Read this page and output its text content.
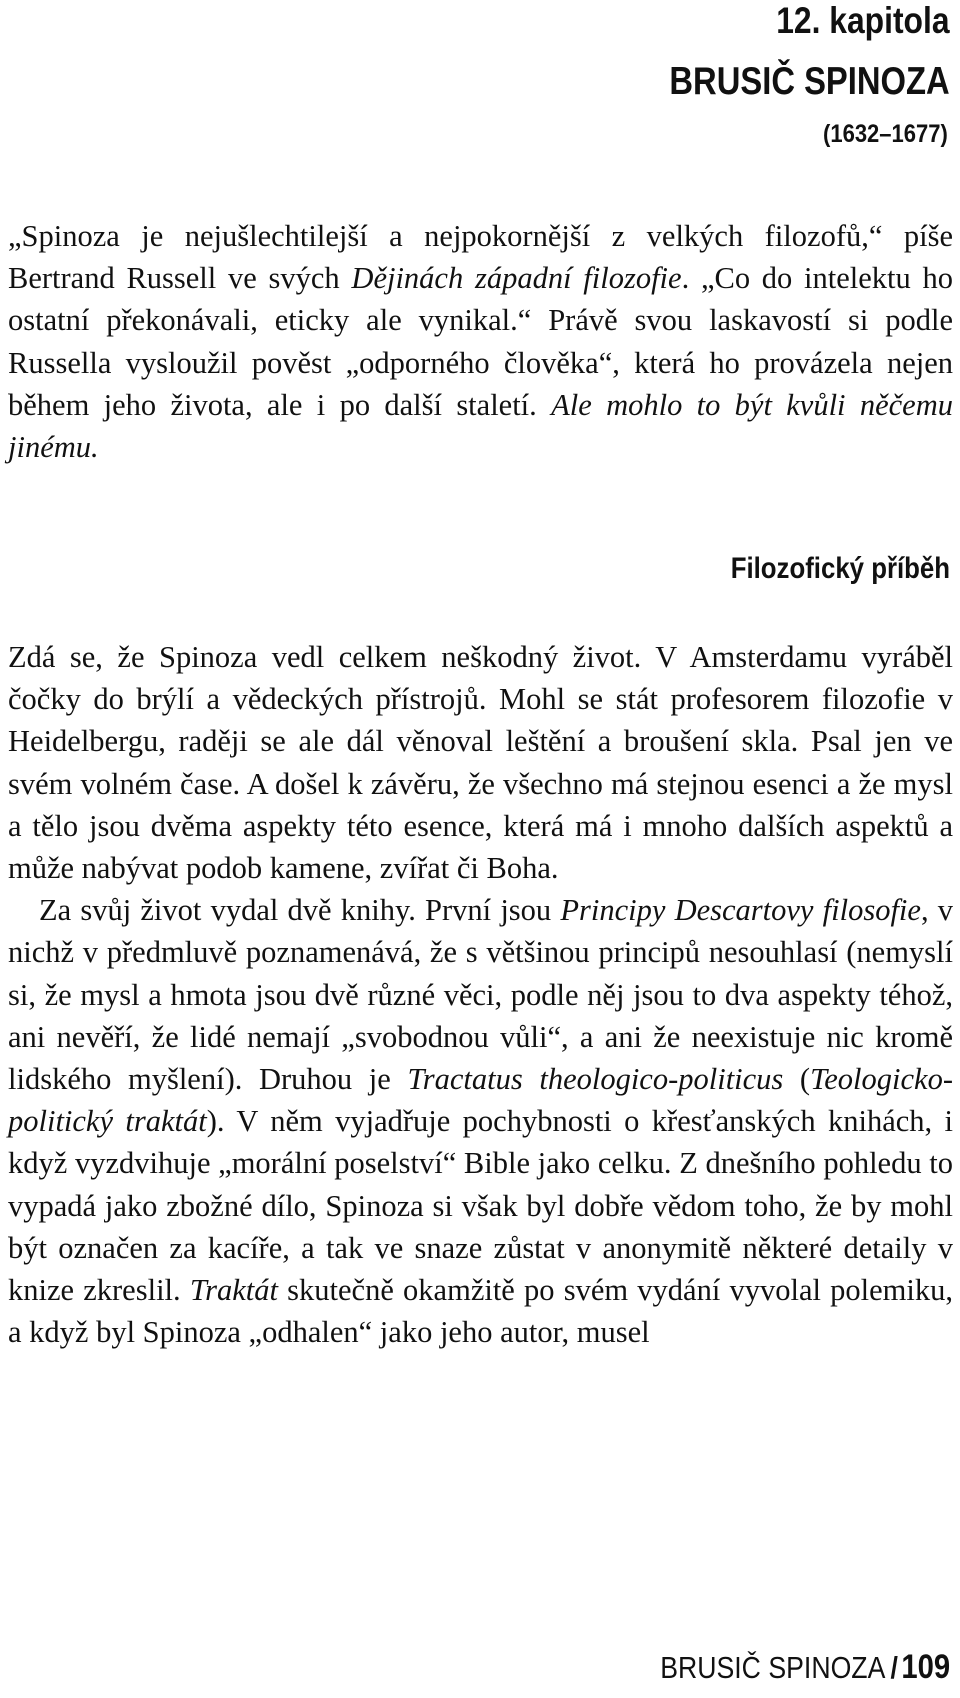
12. kapitola
BRUSIČ SPINOZA
(1632–1677)

„Spinoza je nejušlechtilejší a nejpokornější z velkých filozofů,“ píše Bertrand Russell ve svých Dějinách západní filozofie. „Co do intelektu ho ostatní překonávali, eticky ale vynikal.“ Právě svou laskavostí si podle Russella vysloužil pověst „odporného člověka“, která ho provázela nejen během jeho života, ale i po další staletí. Ale mohlo to být kvůli něčemu jinému.

Filozofický příběh

Zdá se, že Spinoza vedl celkem neškodný život. V Amsterdamu vyráběl čočky do brýlí a vědeckých přístrojů. Mohl se stát profesorem filozofie v Heidelbergu, raději se ale dál věnoval leštění a broušení skla. Psal jen ve svém volném čase. A došel k závěru, že všechno má stejnou esenci a že mysl a tělo jsou dvěma aspekty této esence, která má i mnoho dalších aspektů a může nabývat podob kamene, zvířat či Boha.

Za svůj život vydal dvě knihy. První jsou Principy Descartovy filosofie, v nichž v předmluvě poznamenává, že s většinou principů nesouhlasí (nemyslí si, že mysl a hmota jsou dvě různé věci, podle něj jsou to dva aspekty téhož, ani nevěří, že lidé nemají „svobodnou vůli“, a ani že neexistuje nic kromě lidského myšlení). Druhou je Tractatus theologico-politicus (Teologicko-politický traktát). V něm vyjadřuje pochybnosti o křesťanských knihách, i když vyzdvihuje „morální poselství“ Bible jako celku. Z dnešního pohledu to vypadá jako zbožné dílo, Spinoza si však byl dobře vědom toho, že by mohl být označen za kacíře, a tak ve snaze zůstat v anonymitě některé detaily v knize zkreslil. Traktát skutečně okamžitě po svém vydání vyvolal polemiku, a když byl Spinoza „odhalen“ jako jeho autor, musel

BRUSIČ SPINOZA / 109
